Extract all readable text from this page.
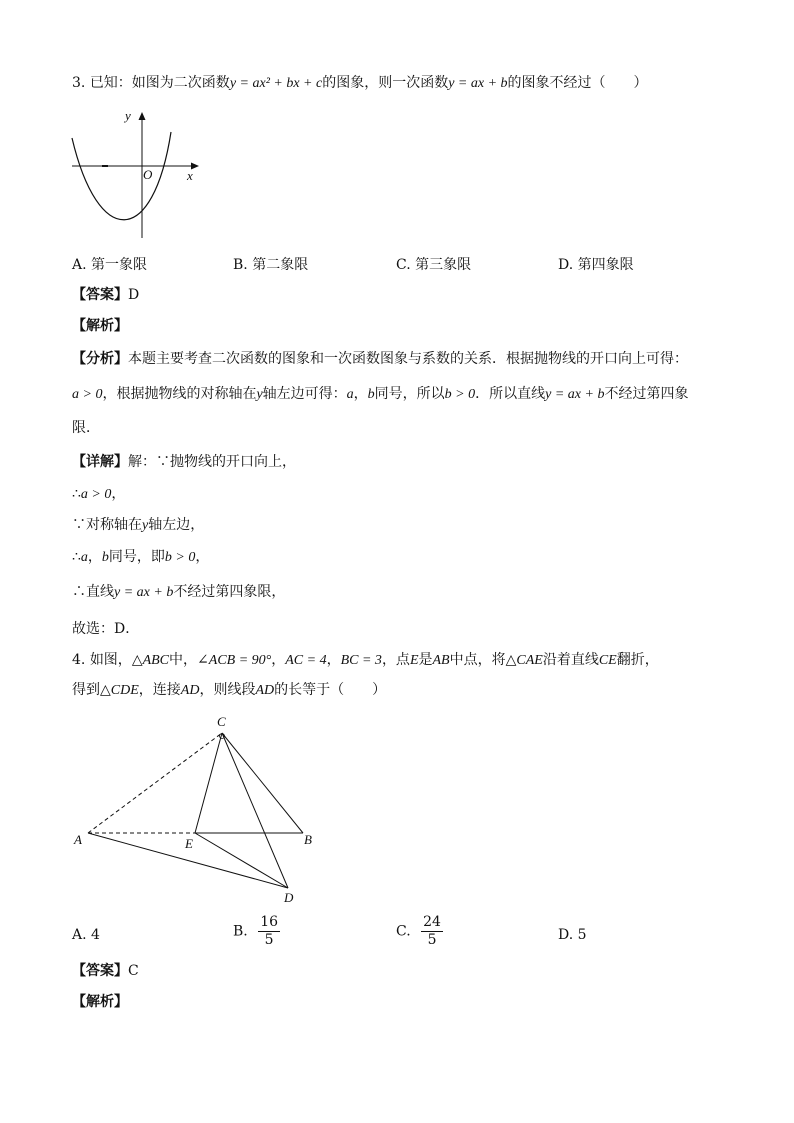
3. 已知：如图为二次函数y = ax² + bx + c的图象，则一次函数y = ax + b的图象不经过（　　）
y
x
O
A. 第一象限	B. 第二象限	C. 第三象限	D. 第四象限
【答案】D
【解析】
【分析】本题主要考查二次函数的图象和一次函数图象与系数的关系．根据抛物线的开口向上可得：
a > 0，根据抛物线的对称轴在y轴左边可得：a，b同号，所以b > 0．所以直线y = ax + b不经过第四象
限．
【详解】解：∵抛物线的开口向上，
∴a > 0，
∵对称轴在y轴左边，
∴a，b同号，即b > 0，
∴直线y = ax + b不经过第四象限，
故选：D．
4. 如图，△ABC中，∠ACB = 90°，AC = 4，BC = 3，点E是AB中点，将△CAE沿着直线CE翻折，
得到△CDE，连接AD，则线段AD的长等于（　　）
C
A	E	B
D
A. 4	B. $\frac{16}{5}$	C. $\frac{24}{5}$	D. 5
【答案】C
【解析】
